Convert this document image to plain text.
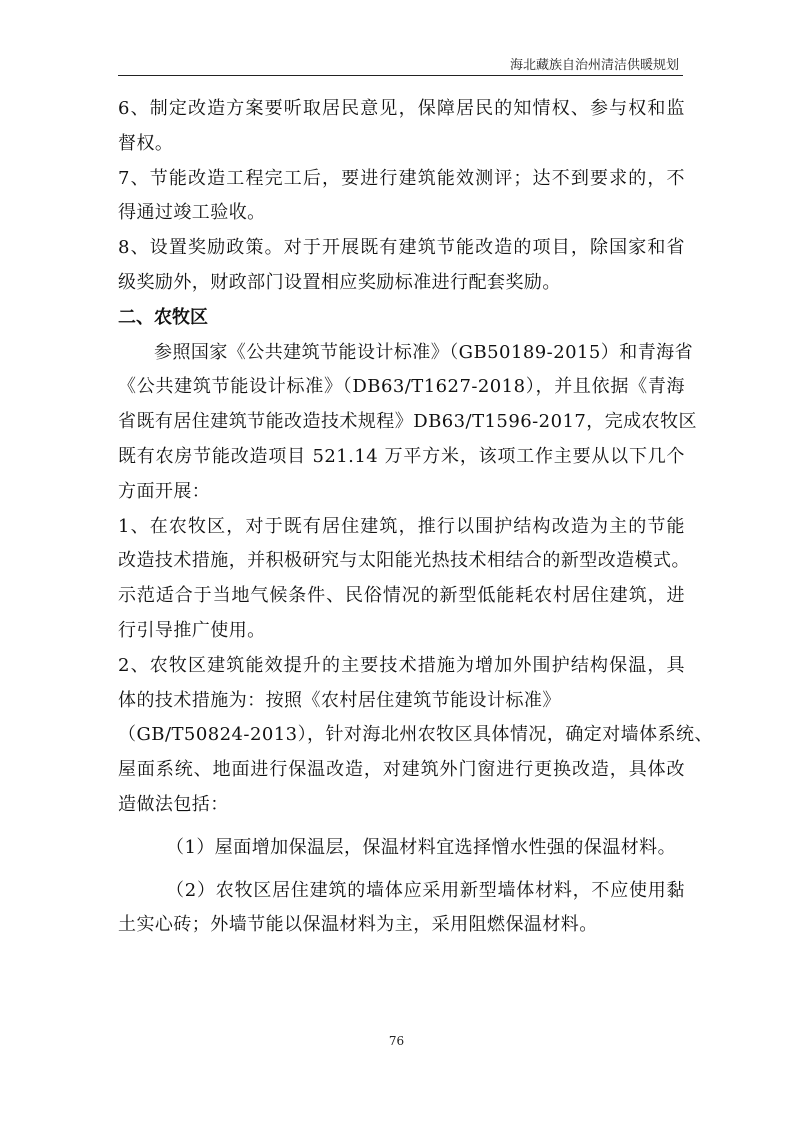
海北藏族自治州清洁供暖规划
6、制定改造方案要听取居民意见，保障居民的知情权、参与权和监
督权。
7、节能改造工程完工后，要进行建筑能效测评；达不到要求的，不
得通过竣工验收。
8、设置奖励政策。对于开展既有建筑节能改造的项目，除国家和省
级奖励外，财政部门设置相应奖励标准进行配套奖励。
二、农牧区
参照国家《公共建筑节能设计标准》（GB50189-2015）和青海省
《公共建筑节能设计标准》（DB63/T1627-2018），并且依据《青海
省既有居住建筑节能改造技术规程》DB63/T1596-2017，完成农牧区
既有农房节能改造项目 521.14 万平方米，该项工作主要从以下几个
方面开展：
1、在农牧区，对于既有居住建筑，推行以围护结构改造为主的节能
改造技术措施，并积极研究与太阳能光热技术相结合的新型改造模式。
示范适合于当地气候条件、民俗情况的新型低能耗农村居住建筑，进
行引导推广使用。
2、农牧区建筑能效提升的主要技术措施为增加外围护结构保温，具
体的技术措施为：按照《农村居住建筑节能设计标准》
（GB/T50824-2013），针对海北州农牧区具体情况，确定对墙体系统、
屋面系统、地面进行保温改造，对建筑外门窗进行更换改造，具体改
造做法包括：
（1）屋面增加保温层，保温材料宜选择憎水性强的保温材料。
（2）农牧区居住建筑的墙体应采用新型墙体材料，不应使用黏
土实心砖；外墙节能以保温材料为主，采用阻燃保温材料。
76
